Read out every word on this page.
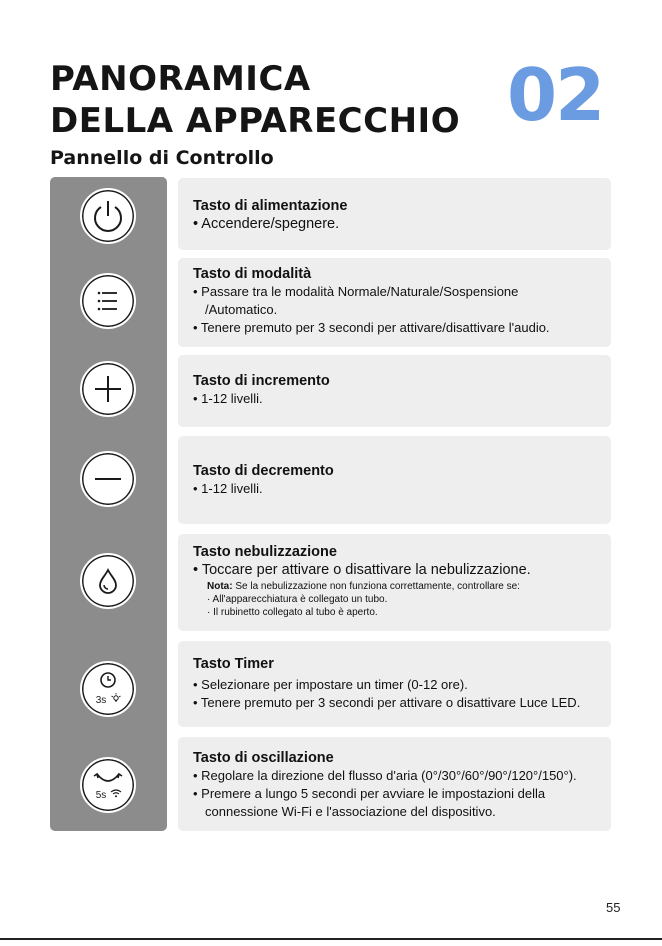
PANORAMICA
DELLA APPARECCHIO 02
Pannello di Controllo
3s
5s
Tasto di alimentazione

• Accendere/spegnere.

Tasto di modalità

• Passare tra le modalità Normale/Naturale/Sospensione

/Automatico.

• Tenere premuto per 3 secondi per attivare/disattivare l'audio.

Tasto di incremento

• 1-12 livelli.

Tasto di decremento

• 1-12 livelli.

Tasto nebulizzazione

• Toccare per attivare o disattivare la nebulizzazione.

Nota: Se la nebulizzazione non funziona correttamente, controllare se:

· All'apparecchiatura è collegato un tubo.

· Il rubinetto collegato al tubo è aperto.

Tasto Timer

• Selezionare per impostare un timer (0-12 ore).

• Tenere premuto per 3 secondi per attivare o disattivare Luce LED.

Tasto di oscillazione

• Regolare la direzione del flusso d'aria (0°/30°/60°/90°/120°/150°).

• Premere a lungo 5 secondi per avviare le impostazioni della

connessione Wi-Fi e l'associazione del dispositivo.

55
